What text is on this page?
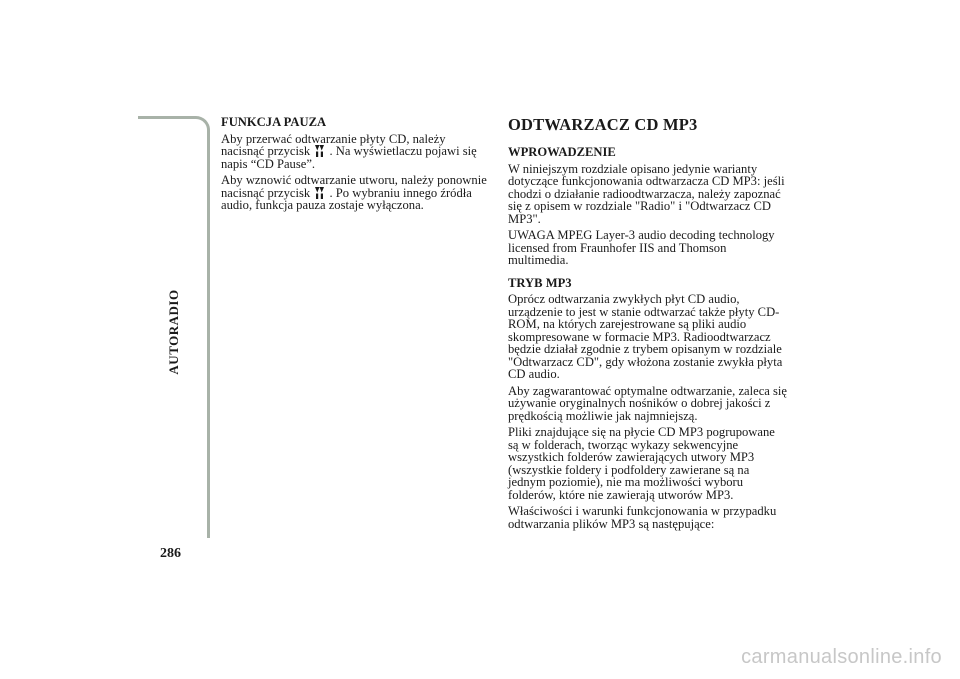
AUTORADIO
286
carmanualsonline.info
FUNKCJA PAUZA

Aby przerwać odtwarzanie płyty CD, należy nacisnąć przycisk . Na wyświetlaczu pojawi się napis “CD Pause”.

Aby wznowić odtwarzanie utworu, należy ponownie nacisnąć przycisk . Po wybraniu innego źródła audio, funkcja pauza zostaje wyłączona.

ODTWARZACZ CD MP3
WPROWADZENIE

W niniejszym rozdziale opisano jedynie warianty dotyczące funkcjonowania odtwarzacza CD MP3: jeśli chodzi o działanie radioodtwarzacza, należy zapoznać się z opisem w rozdziale "Radio" i "Odtwarzacz CD MP3".

UWAGA MPEG Layer-3 audio decoding technology licensed from Fraunhofer IIS and Thomson multimedia.

TRYB MP3

Oprócz odtwarzania zwykłych płyt CD audio, urządzenie to jest w stanie odtwarzać także płyty CD-ROM, na których zarejestrowane są pliki audio skompresowane w formacie MP3. Radioodtwarzacz będzie działał zgodnie z trybem opisanym w rozdziale "Odtwarzacz CD", gdy włożona zostanie zwykła płyta CD audio.

Aby zagwarantować optymalne odtwarzanie, zaleca się używanie oryginalnych nośników o dobrej jakości z prędkością możliwie jak najmniejszą.

Pliki znajdujące się na płycie CD MP3 pogrupowane są w folderach, tworząc wykazy sekwencyjne wszystkich folderów zawierających utwory MP3 (wszystkie foldery i podfoldery zawierane są na jednym poziomie), nie ma możliwości wyboru folderów, które nie zawierają utworów MP3.

Właściwości i warunki funkcjonowania w przypadku odtwarzania plików MP3 są następujące:
